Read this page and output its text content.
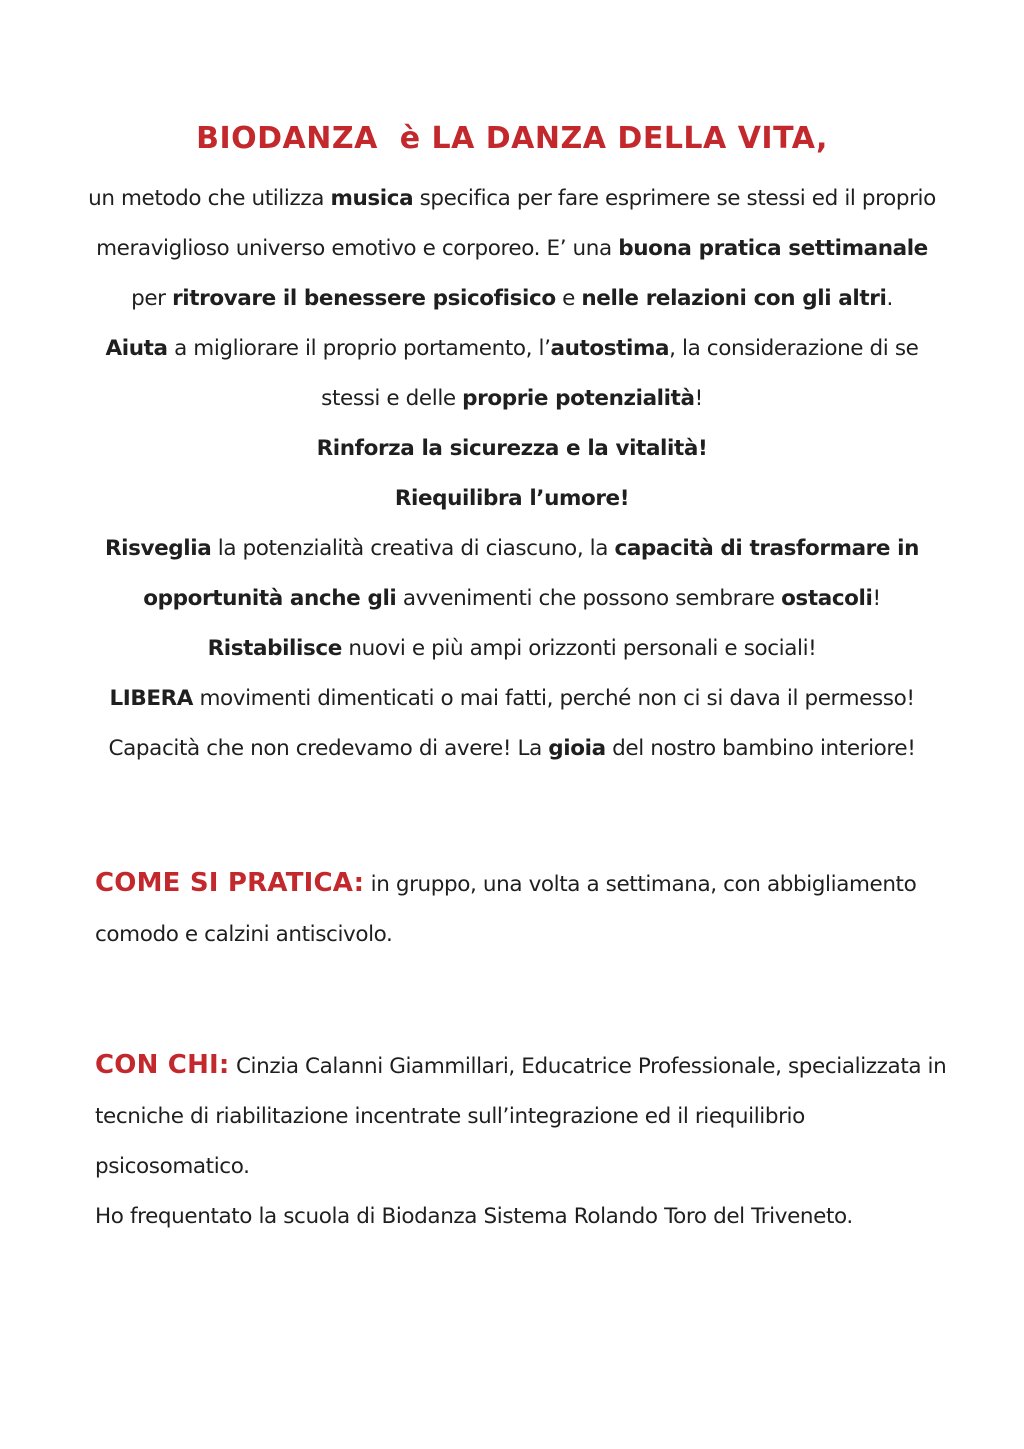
BIODANZA  è LA DANZA DELLA VITA,
un metodo che utilizza musica specifica per fare esprimere se stessi ed il proprio
meraviglioso universo emotivo e corporeo. E’ una buona pratica settimanale
per ritrovare il benessere psicofisico e nelle relazioni con gli altri.
Aiuta a migliorare il proprio portamento, l’autostima, la considerazione di se
stessi e delle proprie potenzialità!
Rinforza la sicurezza e la vitalità!
Riequilibra l’umore!
Risveglia la potenzialità creativa di ciascuno, la capacità di trasformare in
opportunità anche gli avvenimenti che possono sembrare ostacoli!
Ristabilisce nuovi e più ampi orizzonti personali e sociali!
LIBERA movimenti dimenticati o mai fatti, perché non ci si dava il permesso!
Capacità che non credevamo di avere! La gioia del nostro bambino interiore!
COME SI PRATICA: in gruppo, una volta a settimana, con abbigliamento
comodo e calzini antiscivolo.
CON CHI: Cinzia Calanni Giammillari, Educatrice Professionale, specializzata in
tecniche di riabilitazione incentrate sull’integrazione ed il riequilibrio psicosomatico.
Ho frequentato la scuola di Biodanza Sistema Rolando Toro del Triveneto.
